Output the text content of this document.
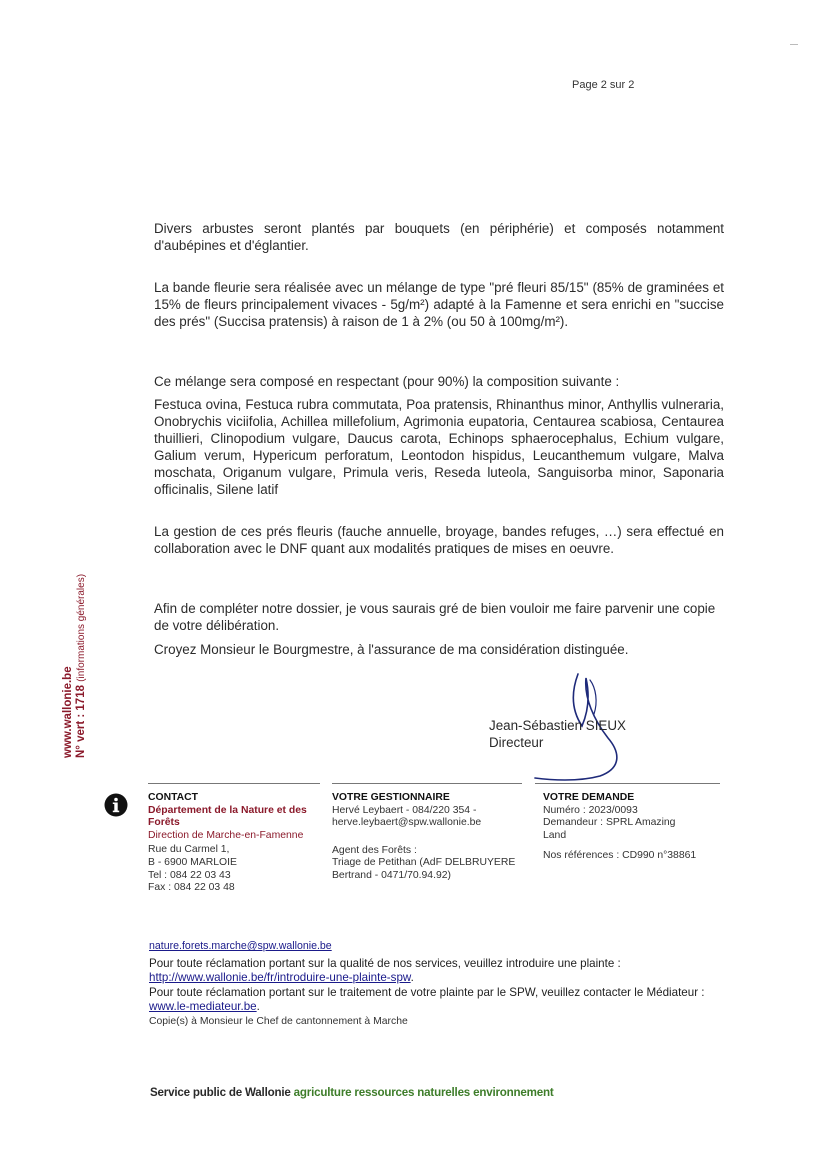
Page 2 sur 2
Divers arbustes seront plantés par bouquets (en périphérie) et composés notamment d'aubépines et d'églantier.
La bande fleurie sera réalisée avec un mélange de type "pré fleuri 85/15" (85% de graminées et 15% de fleurs principalement vivaces - 5g/m²) adapté à la Famenne et sera enrichi en "succise des prés" (Succisa pratensis) à raison de 1 à 2% (ou 50 à 100mg/m²).
Ce mélange sera composé en respectant (pour 90%) la composition suivante :
Festuca ovina, Festuca rubra commutata, Poa pratensis, Rhinanthus minor, Anthyllis vulneraria, Onobrychis viciifolia, Achillea millefolium, Agrimonia eupatoria, Centaurea scabiosa, Centaurea thuillieri, Clinopodium vulgare, Daucus carota, Echinops sphaerocephalus, Echium vulgare, Galium verum, Hypericum perforatum, Leontodon hispidus, Leucanthemum vulgare, Malva moschata, Origanum vulgare, Primula veris, Reseda luteola, Sanguisorba minor, Saponaria officinalis, Silene latif
La gestion de ces prés fleuris (fauche annuelle, broyage, bandes refuges, …) sera effectué en collaboration avec le DNF quant aux modalités pratiques de mises en oeuvre.
Afin de compléter notre dossier, je vous saurais gré de bien vouloir me faire parvenir une copie de votre délibération.
Croyez Monsieur le Bourgmestre, à l'assurance de ma considération distinguée.
Jean-Sébastien SIEUX
Directeur
www.wallonie.be N° vert : 1718 (informations générales)
CONTACT
Département de la Nature et des Forêts
Direction de Marche-en-Famenne
Rue du Carmel 1,
B - 6900 MARLOIE
Tel : 084 22 03 43
Fax : 084 22 03 48
VOTRE GESTIONNAIRE
Hervé Leybaert - 084/220 354 -
herve.leybaert@spw.wallonie.be
Agent des Forêts :
Triage de Petithan (AdF DELBRUYERE
Bertrand - 0471/70.94.92)
VOTRE DEMANDE
Numéro : 2023/0093
Demandeur : SPRL Amazing Land
Nos références : CD990 n°38861
nature.forets.marche@spw.wallonie.be
Pour toute réclamation portant sur la qualité de nos services, veuillez introduire une plainte :
http://www.wallonie.be/fr/introduire-une-plainte-spw.
Pour toute réclamation portant sur le traitement de votre plainte par le SPW, veuillez contacter le Médiateur : www.le-mediateur.be.
Copie(s) à Monsieur le Chef de cantonnement à Marche
Service public de Wallonie agriculture ressources naturelles environnement
